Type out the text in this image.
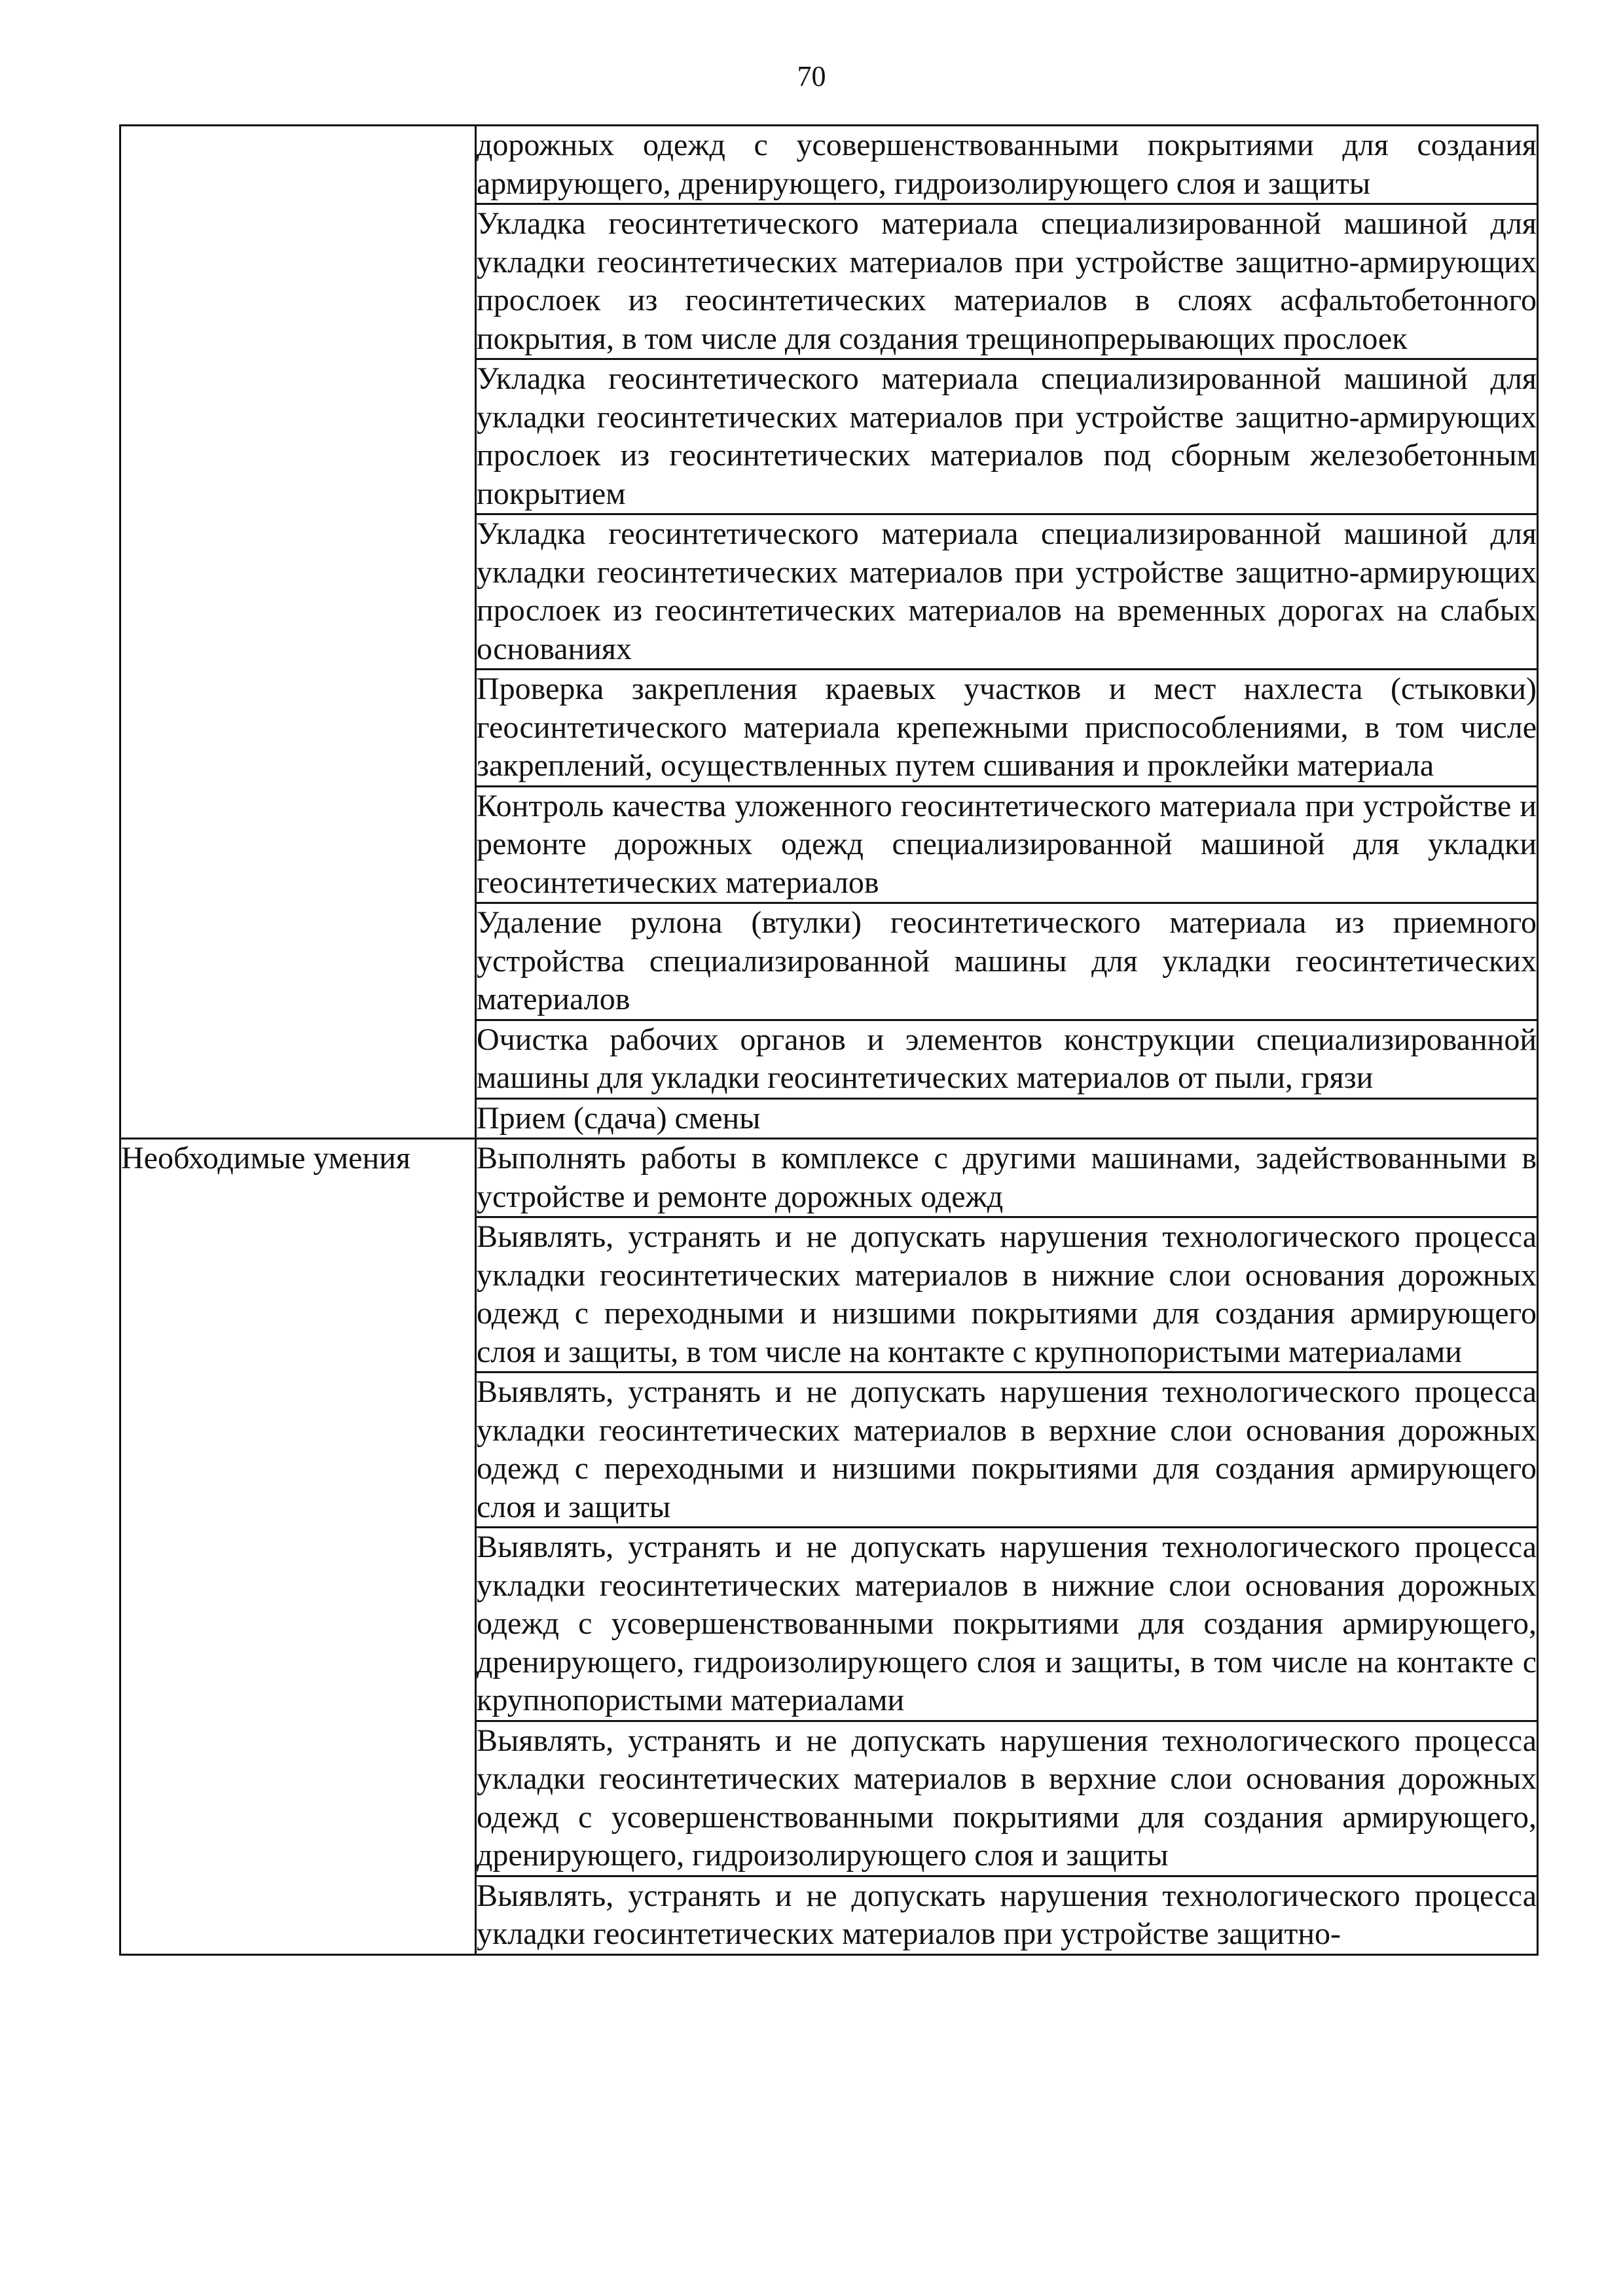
70

	дорожных одежд с усовершенствованными покрытиями для создания армирующего, дренирующего, гидроизолирующего слоя и защиты

	Укладка геосинтетического материала специализированной машиной для укладки геосинтетических материалов при устройстве защитно-армирующих прослоек из геосинтетических материалов в слоях асфальтобетонного покрытия, в том числе для создания трещинопрерывающих прослоек

	Укладка геосинтетического материала специализированной машиной для укладки геосинтетических материалов при устройстве защитно-армирующих прослоек из геосинтетических материалов под сборным железобетонным покрытием

	Укладка геосинтетического материала специализированной машиной для укладки геосинтетических материалов при устройстве защитно-армирующих прослоек из геосинтетических материалов на временных дорогах на слабых основаниях

	Проверка закрепления краевых участков и мест нахлеста (стыковки) геосинтетического материала крепежными приспособлениями, в том числе закреплений, осуществленных путем сшивания и проклейки материала

	Контроль качества уложенного геосинтетического материала при устройстве и ремонте дорожных одежд специализированной машиной для укладки геосинтетических материалов

	Удаление рулона (втулки) геосинтетического материала из приемного устройства специализированной машины для укладки геосинтетических материалов

	Очистка рабочих органов и элементов конструкции специализированной машины для укладки геосинтетических материалов от пыли, грязи

	Прием (сдача) смены

Необходимые умения	Выполнять работы в комплексе с другими машинами, задействованными в устройстве и ремонте дорожных одежд

	Выявлять, устранять и не допускать нарушения технологического процесса укладки геосинтетических материалов в нижние слои основания дорожных одежд с переходными и низшими покрытиями для создания армирующего слоя и защиты, в том числе на контакте с крупнопористыми материалами

	Выявлять, устранять и не допускать нарушения технологического процесса укладки геосинтетических материалов в верхние слои основания дорожных одежд с переходными и низшими покрытиями для создания армирующего слоя и защиты

	Выявлять, устранять и не допускать нарушения технологического процесса укладки геосинтетических материалов в нижние слои основания дорожных одежд с усовершенствованными покрытиями для создания армирующего, дренирующего, гидроизолирующего слоя и защиты, в том числе на контакте с крупнопористыми материалами

	Выявлять, устранять и не допускать нарушения технологического процесса укладки геосинтетических материалов в верхние слои основания дорожных одежд с усовершенствованными покрытиями для создания армирующего, дренирующего, гидроизолирующего слоя и защиты

	Выявлять, устранять и не допускать нарушения технологического процесса укладки геосинтетических материалов при устройстве защитно-
